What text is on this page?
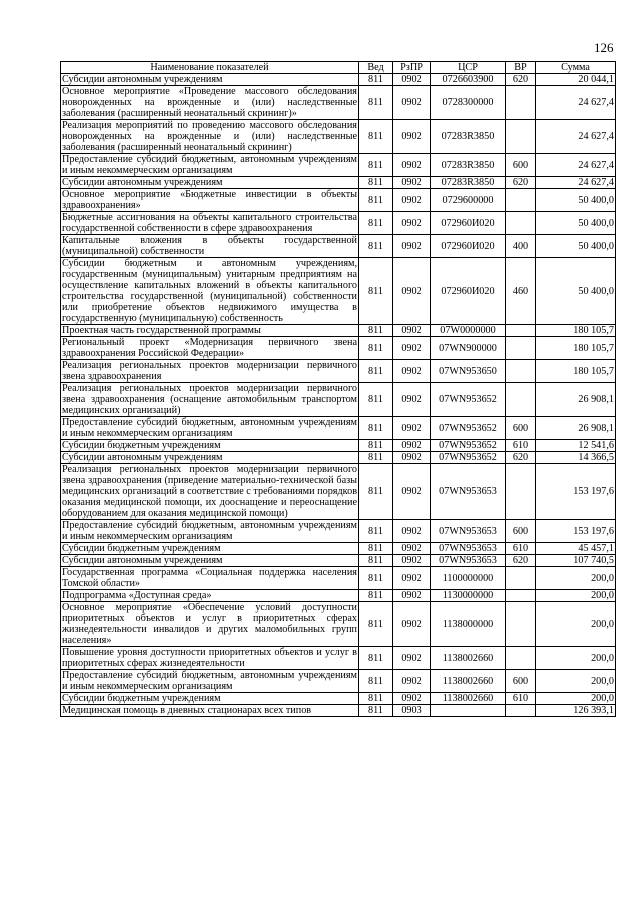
126
Наименование показателей	Вед	РзПР	ЦСР	ВР	Сумма
Субсидии автономным учреждениям	811	0902	0726603900	620	20 044,1
Основное мероприятие «Проведение массового обследования новорожденных на врожденные и (или) наследственные заболевания (расширенный неонатальный скрининг)»	811	0902	0728300000		24 627,4
Реализация мероприятий по проведению массового обследования новорожденных на врожденные и (или) наследственные заболевания (расширенный неонатальный скрининг)	811	0902	07283R3850		24 627,4
Предоставление субсидий бюджетным, автономным учреждениям и иным некоммерческим организациям	811	0902	07283R3850	600	24 627,4
Субсидии автономным учреждениям	811	0902	07283R3850	620	24 627,4
Основное мероприятие «Бюджетные инвестиции в объекты здравоохранения»	811	0902	0729600000		50 400,0
Бюджетные ассигнования на объекты капитального строительства государственной собственности в сфере здравоохранения	811	0902	072960И020		50 400,0
Капитальные вложения в объекты государственной (муниципальной) собственности	811	0902	072960И020	400	50 400,0
Субсидии бюджетным и автономным учреждениям, государственным (муниципальным) унитарным предприятиям на осуществление капитальных вложений в объекты капитального строительства государственной (муниципальной) собственности или приобретение объектов недвижимого имущества в государственную (муниципальную) собственность	811	0902	072960И020	460	50 400,0
Проектная часть государственной программы	811	0902	07W0000000		180 105,7
Региональный проект «Модернизация первичного звена здравоохранения Российской Федерации»	811	0902	07WN900000		180 105,7
Реализация региональных проектов модернизации первичного звена здравоохранения	811	0902	07WN953650		180 105,7
Реализация региональных проектов модернизации первичного звена здравоохранения (оснащение автомобильным транспортом медицинских организаций)	811	0902	07WN953652		26 908,1
Предоставление субсидий бюджетным, автономным учреждениям и иным некоммерческим организациям	811	0902	07WN953652	600	26 908,1
Субсидии бюджетным учреждениям	811	0902	07WN953652	610	12 541,6
Субсидии автономным учреждениям	811	0902	07WN953652	620	14 366,5
Реализация региональных проектов модернизации первичного звена здравоохранения (приведение материально-технической базы медицинских организаций в соответствие с требованиями порядков оказания медицинской помощи, их дооснащение и переоснащение оборудованием для оказания медицинской помощи)	811	0902	07WN953653		153 197,6
Предоставление субсидий бюджетным, автономным учреждениям и иным некоммерческим организациям	811	0902	07WN953653	600	153 197,6
Субсидии бюджетным учреждениям	811	0902	07WN953653	610	45 457,1
Субсидии автономным учреждениям	811	0902	07WN953653	620	107 740,5
Государственная программа «Социальная поддержка населения Томской области»	811	0902	1100000000		200,0
Подпрограмма «Доступная среда»	811	0902	1130000000		200,0
Основное мероприятие «Обеспечение условий доступности приоритетных объектов и услуг в приоритетных сферах жизнедеятельности инвалидов и других маломобильных групп населения»	811	0902	1138000000		200,0
Повышение уровня доступности приоритетных объектов и услуг в приоритетных сферах жизнедеятельности	811	0902	1138002660		200,0
Предоставление субсидий бюджетным, автономным учреждениям и иным некоммерческим организациям	811	0902	1138002660	600	200,0
Субсидии бюджетным учреждениям	811	0902	1138002660	610	200,0
Медицинская помощь в дневных стационарах всех типов	811	0903			126 393,1
